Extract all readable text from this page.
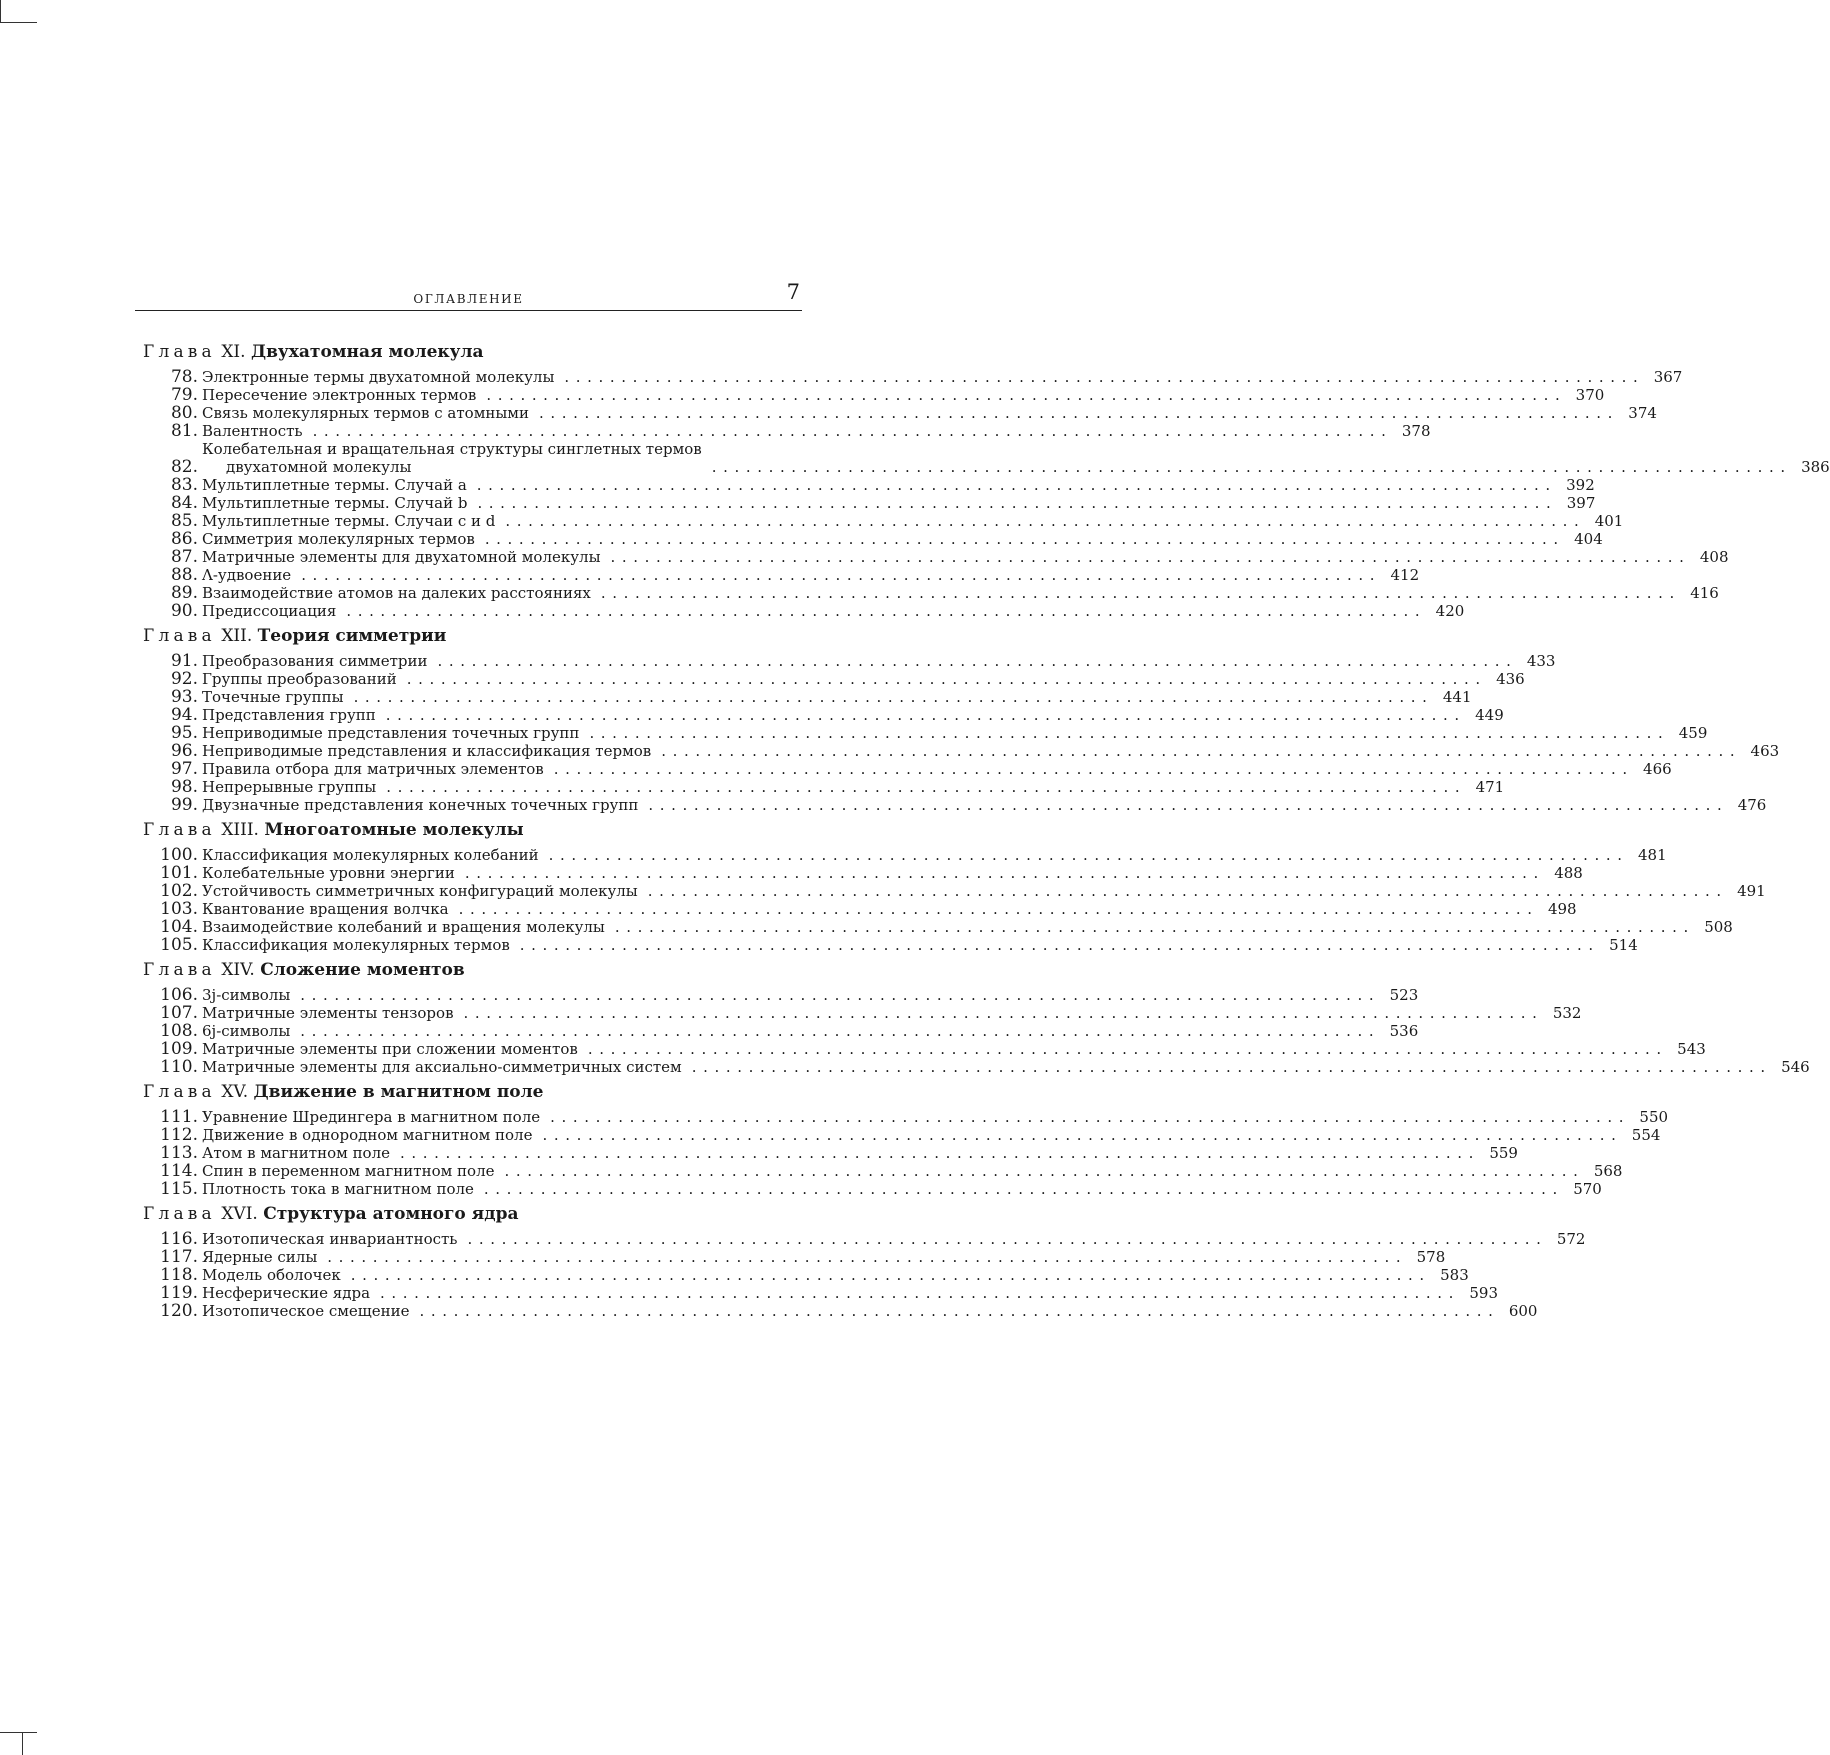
ОГЛАВЛЕНИЕ	7
Глава XI. Двухатомная молекула
78. Электронные термы двухатомной молекулы ............................................................................................... 367
79. Пересечение электронных термов ............................................................................................... 370
80. Связь молекулярных термов с атомными ............................................................................................... 374
81. Валентность ............................................................................................... 378
82.
Колебательная и вращательная структуры синглетных термов
двухатомной молекулы	............................................................................................... 386
83. Мультиплетные термы. Случай a ............................................................................................... 392
84. Мультиплетные термы. Случай b ............................................................................................... 397
85. Мультиплетные термы. Случаи c и d ............................................................................................... 401
86. Симметрия молекулярных термов ............................................................................................... 404
87. Матричные элементы для двухатомной молекулы ............................................................................................... 408
88. Λ-удвоение ............................................................................................... 412
89. Взаимодействие атомов на далеких расстояниях ............................................................................................... 416
90. Предиссоциация ............................................................................................... 420
Глава XII. Теория симметрии
91. Преобразования симметрии ............................................................................................... 433
92. Группы преобразований ............................................................................................... 436
93. Точечные группы ............................................................................................... 441
94. Представления групп ............................................................................................... 449
95. Неприводимые представления точечных групп ............................................................................................... 459
96. Неприводимые представления и классификация термов ............................................................................................... 463
97. Правила отбора для матричных элементов ............................................................................................... 466
98. Непрерывные группы ............................................................................................... 471
99. Двузначные представления конечных точечных групп ............................................................................................... 476
Глава XIII. Многоатомные молекулы
100. Классификация молекулярных колебаний ............................................................................................... 481
101. Колебательные уровни энергии ............................................................................................... 488
102. Устойчивость симметричных конфигураций молекулы ............................................................................................... 491
103. Квантование вращения волчка ............................................................................................... 498
104. Взаимодействие колебаний и вращения молекулы ............................................................................................... 508
105. Классификация молекулярных термов ............................................................................................... 514
Глава XIV. Сложение моментов
106. 3j-символы ............................................................................................... 523
107. Матричные элементы тензоров ............................................................................................... 532
108. 6j-символы ............................................................................................... 536
109. Матричные элементы при сложении моментов ............................................................................................... 543
110. Матричные элементы для аксиально-симметричных систем ............................................................................................... 546
Глава XV. Движение в магнитном поле
111. Уравнение Шредингера в магнитном поле ............................................................................................... 550
112. Движение в однородном магнитном поле ............................................................................................... 554
113. Атом в магнитном поле ............................................................................................... 559
114. Спин в переменном магнитном поле ............................................................................................... 568
115. Плотность тока в магнитном поле ............................................................................................... 570
Глава XVI. Структура атомного ядра
116. Изотопическая инвариантность ............................................................................................... 572
117. Ядерные силы ............................................................................................... 578
118. Модель оболочек ............................................................................................... 583
119. Несферические ядра ............................................................................................... 593
120. Изотопическое смещение ............................................................................................... 600
